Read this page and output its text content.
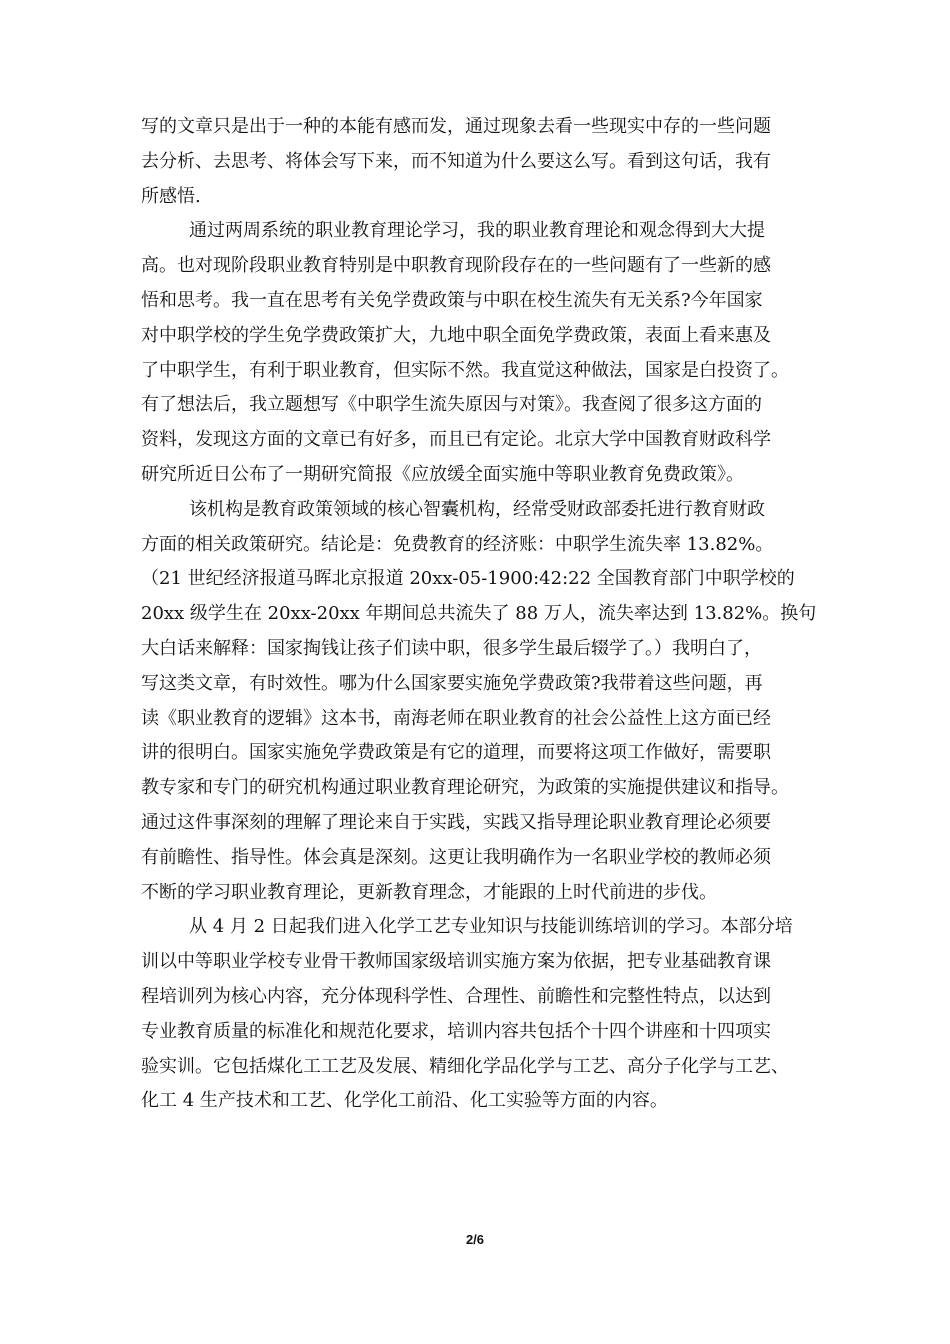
写的文章只是出于一种的本能有感而发，通过现象去看一些现实中存的一些问题
去分析、去思考、将体会写下来，而不知道为什么要这么写。看到这句话，我有
所感悟.
通过两周系统的职业教育理论学习，我的职业教育理论和观念得到大大提
高。也对现阶段职业教育特别是中职教育现阶段存在的一些问题有了一些新的感
悟和思考。我一直在思考有关免学费政策与中职在校生流失有无关系?今年国家
对中职学校的学生免学费政策扩大，九地中职全面免学费政策，表面上看来惠及
了中职学生，有利于职业教育，但实际不然。我直觉这种做法，国家是白投资了。
有了想法后，我立题想写《中职学生流失原因与对策》。我查阅了很多这方面的
资料，发现这方面的文章已有好多，而且已有定论。北京大学中国教育财政科学
研究所近日公布了一期研究简报《应放缓全面实施中等职业教育免费政策》。
该机构是教育政策领域的核心智囊机构，经常受财政部委托进行教育财政
方面的相关政策研究。结论是：免费教育的经济账：中职学生流失率 13.82%。
（21 世纪经济报道马晖北京报道 20xx-05-1900:42:22 全国教育部门中职学校的
20xx 级学生在 20xx-20xx 年期间总共流失了 88 万人，流失率达到 13.82%。换句
大白话来解释：国家掏钱让孩子们读中职，很多学生最后辍学了。）我明白了，
写这类文章，有时效性。哪为什么国家要实施免学费政策?我带着这些问题，再
读《职业教育的逻辑》这本书，南海老师在职业教育的社会公益性上这方面已经
讲的很明白。国家实施免学费政策是有它的道理，而要将这项工作做好，需要职
教专家和专门的研究机构通过职业教育理论研究，为政策的实施提供建议和指导。
通过这件事深刻的理解了理论来自于实践，实践又指导理论职业教育理论必须要
有前瞻性、指导性。体会真是深刻。这更让我明确作为一名职业学校的教师必须
不断的学习职业教育理论，更新教育理念，才能跟的上时代前进的步伐。
从 4 月 2 日起我们进入化学工艺专业知识与技能训练培训的学习。本部分培
训以中等职业学校专业骨干教师国家级培训实施方案为依据，把专业基础教育课
程培训列为核心内容，充分体现科学性、合理性、前瞻性和完整性特点，以达到
专业教育质量的标准化和规范化要求，培训内容共包括个十四个讲座和十四项实
验实训。它包括煤化工工艺及发展、精细化学品化学与工艺、高分子化学与工艺、
化工 4 生产技术和工艺、化学化工前沿、化工实验等方面的内容。
2/6
